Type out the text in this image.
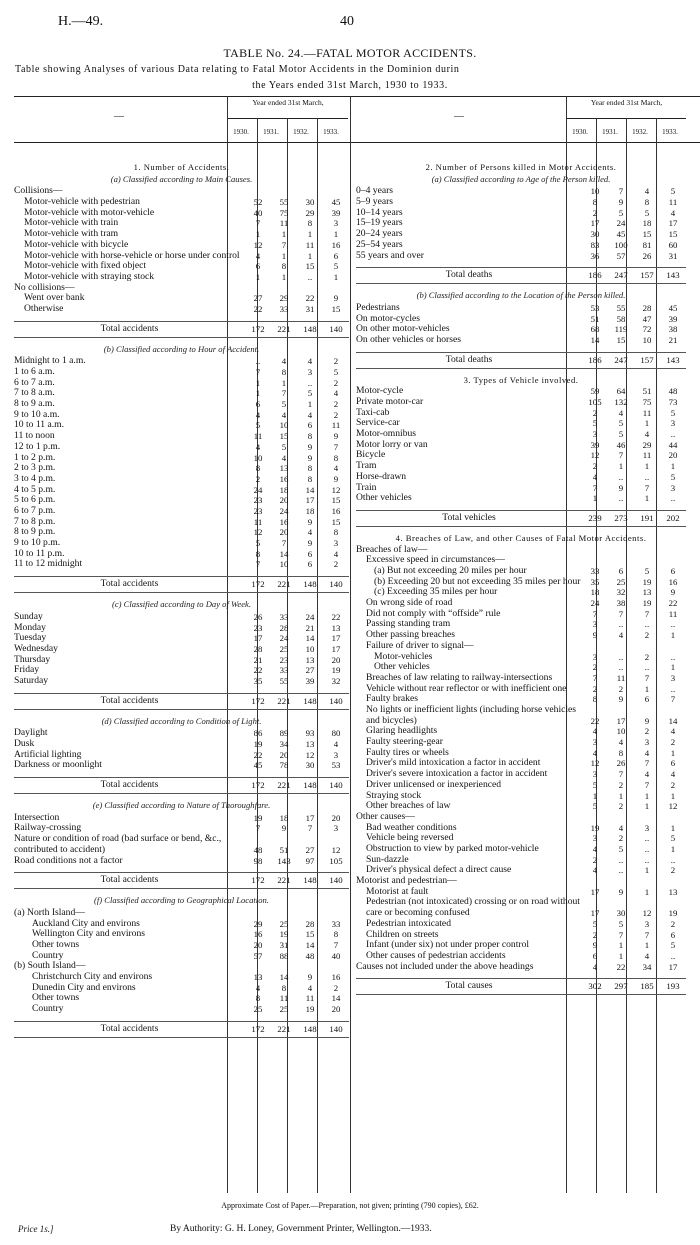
H.—49.	40
TABLE No. 24.—FATAL MOTOR ACCIDENTS.
Table showing Analyses of various Data relating to Fatal Motor Accidents in the Dominion durin
the Years ended 31st March, 1930 to 1933.
—
Year ended 31st March,
1930.	1931.	1932.	1933.
—
Year ended 31st March,
1930.	1931.	1932.	1933.
1. Number of Accidents.
(a) Classified according to Main Causes.
Collisions—
Motor-vehicle with pedestrian	52	55	30	45
Motor-vehicle with motor-vehicle	40	75	29	39
Motor-vehicle with train	7	11	8	3
Motor-vehicle with tram	1	1	1	1
Motor-vehicle with bicycle	12	7	11	16
Motor-vehicle with horse-vehicle or horse under control	4	1	1	6
Motor-vehicle with fixed object	6	8	15	5
Motor-vehicle with straying stock	1	1	..	1
No collisions—
Went over bank	27	29	22	9
Otherwise	22	33	31	15
Total accidents	172	221	148	140
(b) Classified according to Hour of Accident.
Midnight to 1 a.m.	..	4	4	2
1 to 6 a.m.	7	8	3	5
6 to 7 a.m.	1	1	..	2
7 to 8 a.m.	1	7	5	4
8 to 9 a.m.	6	5	1	2
9 to 10 a.m.	4	4	4	2
10 to 11 a.m.	5	10	6	11
11 to noon	11	15	8	9
12 to 1 p.m.	4	5	9	7
1 to 2 p.m.	10	4	9	8
2 to 3 p.m.	8	13	8	4
3 to 4 p.m.	2	16	8	9
4 to 5 p.m.	24	18	14	12
5 to 6 p.m.	23	20	17	15
6 to 7 p.m.	23	24	18	16
7 to 8 p.m.	11	16	9	15
8 to 9 p.m.	12	20	4	8
9 to 10 p.m.	5	7	9	3
10 to 11 p.m.	8	14	6	4
11 to 12 midnight	7	10	6	2
Total accidents	172	221	148	140
(c) Classified according to Day of Week.
Sunday	26	33	24	22
Monday	23	28	21	13
Tuesday	17	24	14	17
Wednesday	28	25	10	17
Thursday	21	23	13	20
Friday	22	33	27	19
Saturday	35	55	39	32
Total accidents	172	221	148	140
(d) Classified according to Condition of Light.
Daylight	86	89	93	80
Dusk	19	34	13	4
Artificial lighting	22	20	12	3
Darkness or moonlight	45	78	30	53
Total accidents	172	221	148	140
(e) Classified according to Nature of Thoroughfare.
Intersection	19	18	17	20
Railway-crossing	7	9	7	3
Nature or condition of road (bad surface or bend, &c., contributed to accident)	48	51	27	12
Road conditions not a factor	98	143	97	105
Total accidents	172	221	148	140
(f) Classified according to Geographical Location.
(a) North Island—
Auckland City and environs	29	25	28	33
Wellington City and environs	16	19	15	8
Other towns	20	31	14	7
Country	57	88	48	40
(b) South Island—
Christchurch City and environs	13	14	9	16
Dunedin City and environs	4	8	4	2
Other towns	8	11	11	14
Country	25	25	19	20
Total accidents	172	221	148	140
2. Number of Persons killed in Motor Accidents.
(a) Classified according to Age of the Person killed.
0–4 years	10	7	4	5
5–9 years	8	9	8	11
10–14 years	2	5	5	4
15–19 years	17	24	18	17
20–24 years	30	45	15	15
25–54 years	83	100	81	60
55 years and over	36	57	26	31
Total deaths	186	247	157	143
(b) Classified according to the Location of the Person killed.
Pedestrians	53	55	28	45
On motor-cycles	51	58	47	39
On other motor-vehicles	68	119	72	38
On other vehicles or horses	14	15	10	21
Total deaths	186	247	157	143
3. Types of Vehicle involved.
Motor-cycle	59	64	51	48
Private motor-car	105	132	75	73
Taxi-cab	2	4	11	5
Service-car	5	5	1	3
Motor-omnibus	3	5	4	..
Motor lorry or van	39	46	29	44
Bicycle	12	7	11	20
Tram	2	1	1	1
Horse-drawn	4	..	..	5
Train	7	9	7	3
Other vehicles	1	..	1	..
Total vehicles	239	273	191	202
4. Breaches of Law, and other Causes of Fatal Motor Accidents.
Breaches of law—
Excessive speed in circumstances—
(a) But not exceeding 20 miles per hour	33	6	5	6
(b) Exceeding 20 but not exceeding 35 miles per hour	35	25	19	16
(c) Exceeding 35 miles per hour	18	32	13	9
On wrong side of road	24	38	19	22
Did not comply with “offside” rule	7	7	7	11
Passing standing tram	3	..	..	..
Other passing breaches	9	4	2	1
Failure of driver to signal—
Motor-vehicles	3	..	2	..
Other vehicles	2	..	..	1
Breaches of law relating to railway-intersections	7	11	7	3
Vehicle without rear reflector or with inefficient one	2	2	1	..
Faulty brakes	8	9	6	7
No lights or inefficient lights (including horse vehicles and bicycles)	22	17	9	14
Glaring headlights	4	10	2	4
Faulty steering-gear	3	4	3	2
Faulty tires or wheels	4	8	4	1
Driver's mild intoxication a factor in accident	12	26	7	6
Driver's severe intoxication a factor in accident	3	7	4	4
Driver unlicensed or inexperienced	5	2	7	2
Straying stock	1	1	1	1
Other breaches of law	5	2	1	12
Other causes—
Bad weather conditions	19	4	3	1
Vehicle being reversed	3	2	..	5
Obstruction to view by parked motor-vehicle	4	5	..	1
Sun-dazzle	2	..	..	..
Driver's physical defect a direct cause	4	..	1	2
Motorist and pedestrian—
Motorist at fault	17	9	1	13
Pedestrian (not intoxicated) crossing or on road without care or becoming confused	17	30	12	19
Pedestrian intoxicated	5	5	3	2
Children on streets	2	7	7	6
Infant (under six) not under proper control	9	1	1	5
Other causes of pedestrian accidents	6	1	4	..
Causes not included under the above headings	4	22	34	17
Total causes	302	297	185	193
Approximate Cost of Paper.—Preparation, not given; printing (790 copies), £62.
Price 1s.]	By Authority: G. H. Loney, Government Printer, Wellington.—1933.
